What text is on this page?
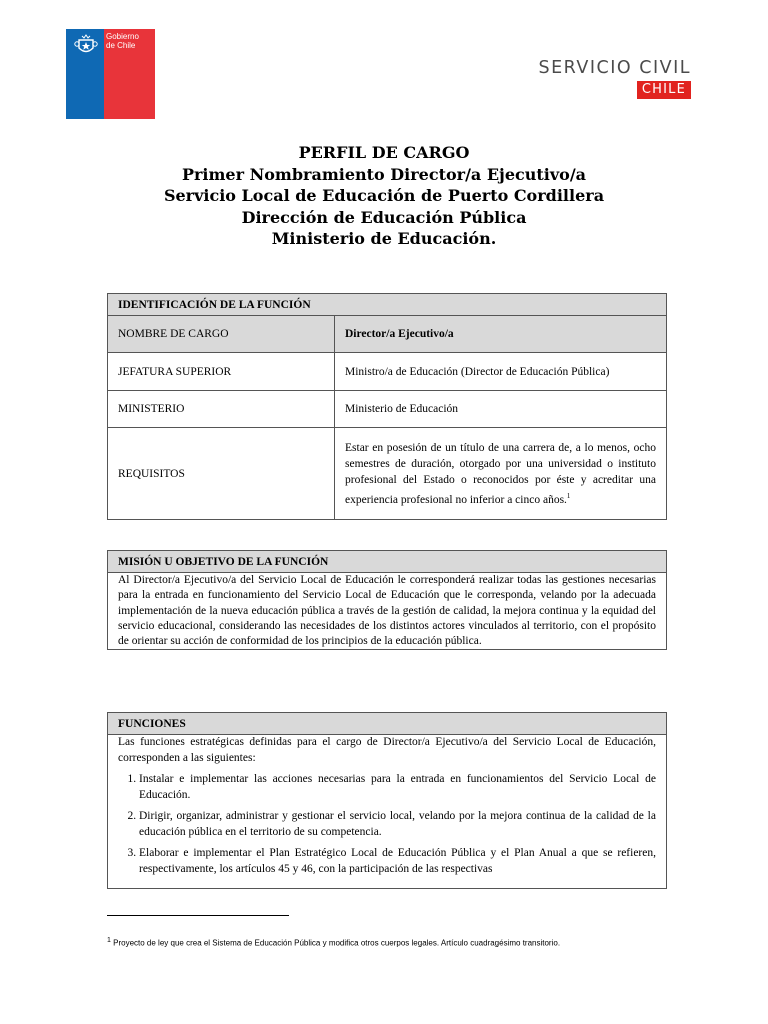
Gobierno
de Chile
SERVICIO CIVIL
CHILE
PERFIL DE CARGO
Primer Nombramiento Director/a Ejecutivo/a
Servicio Local de Educación de Puerto Cordillera
Dirección de Educación Pública
Ministerio de Educación.
IDENTIFICACIÓN DE LA FUNCIÓN	
NOMBRE DE CARGO	Director/a Ejecutivo/a
JEFATURA SUPERIOR	Ministro/a de Educación (Director de Educación Pública)
MINISTERIO	Ministerio de Educación
REQUISITOS	Estar en posesión de un título de una carrera de, a lo menos, ocho semestres de duración, otorgado por una universidad o instituto profesional del Estado o reconocidos por éste y acreditar una experiencia profesional no inferior a cinco años.$^1$
MISIÓN U OBJETIVO DE LA FUNCIÓN
Al Director/a Ejecutivo/a del Servicio Local de Educación le corresponderá realizar todas las gestiones necesarias para la entrada en funcionamiento del Servicio Local de Educación que le corresponda, velando por la adecuada implementación de la nueva educación pública a través de la gestión de calidad, la mejora continua y la equidad del servicio educacional, considerando las necesidades de los distintos actores vinculados al territorio, con el propósito de orientar su acción de conformidad de los principios de la educación pública.
FUNCIONES

Las funciones estratégicas definidas para el cargo de Director/a Ejecutivo/a del Servicio Local de Educación, corresponden a las siguientes:
1. Instalar e implementar las acciones necesarias para la entrada en funcionamientos del Servicio Local de Educación.
2. Dirigir, organizar, administrar y gestionar el servicio local, velando por la mejora continua de la calidad de la educación pública en el territorio de su competencia.
3. Elaborar e implementar el Plan Estratégico Local de Educación Pública y el Plan Anual a que se refieren, respectivamente, los artículos 45 y 46, con la participación de las respectivas
$^1$ Proyecto de ley que crea el Sistema de Educación Pública y modifica otros cuerpos legales. Artículo cuadragésimo transitorio.
